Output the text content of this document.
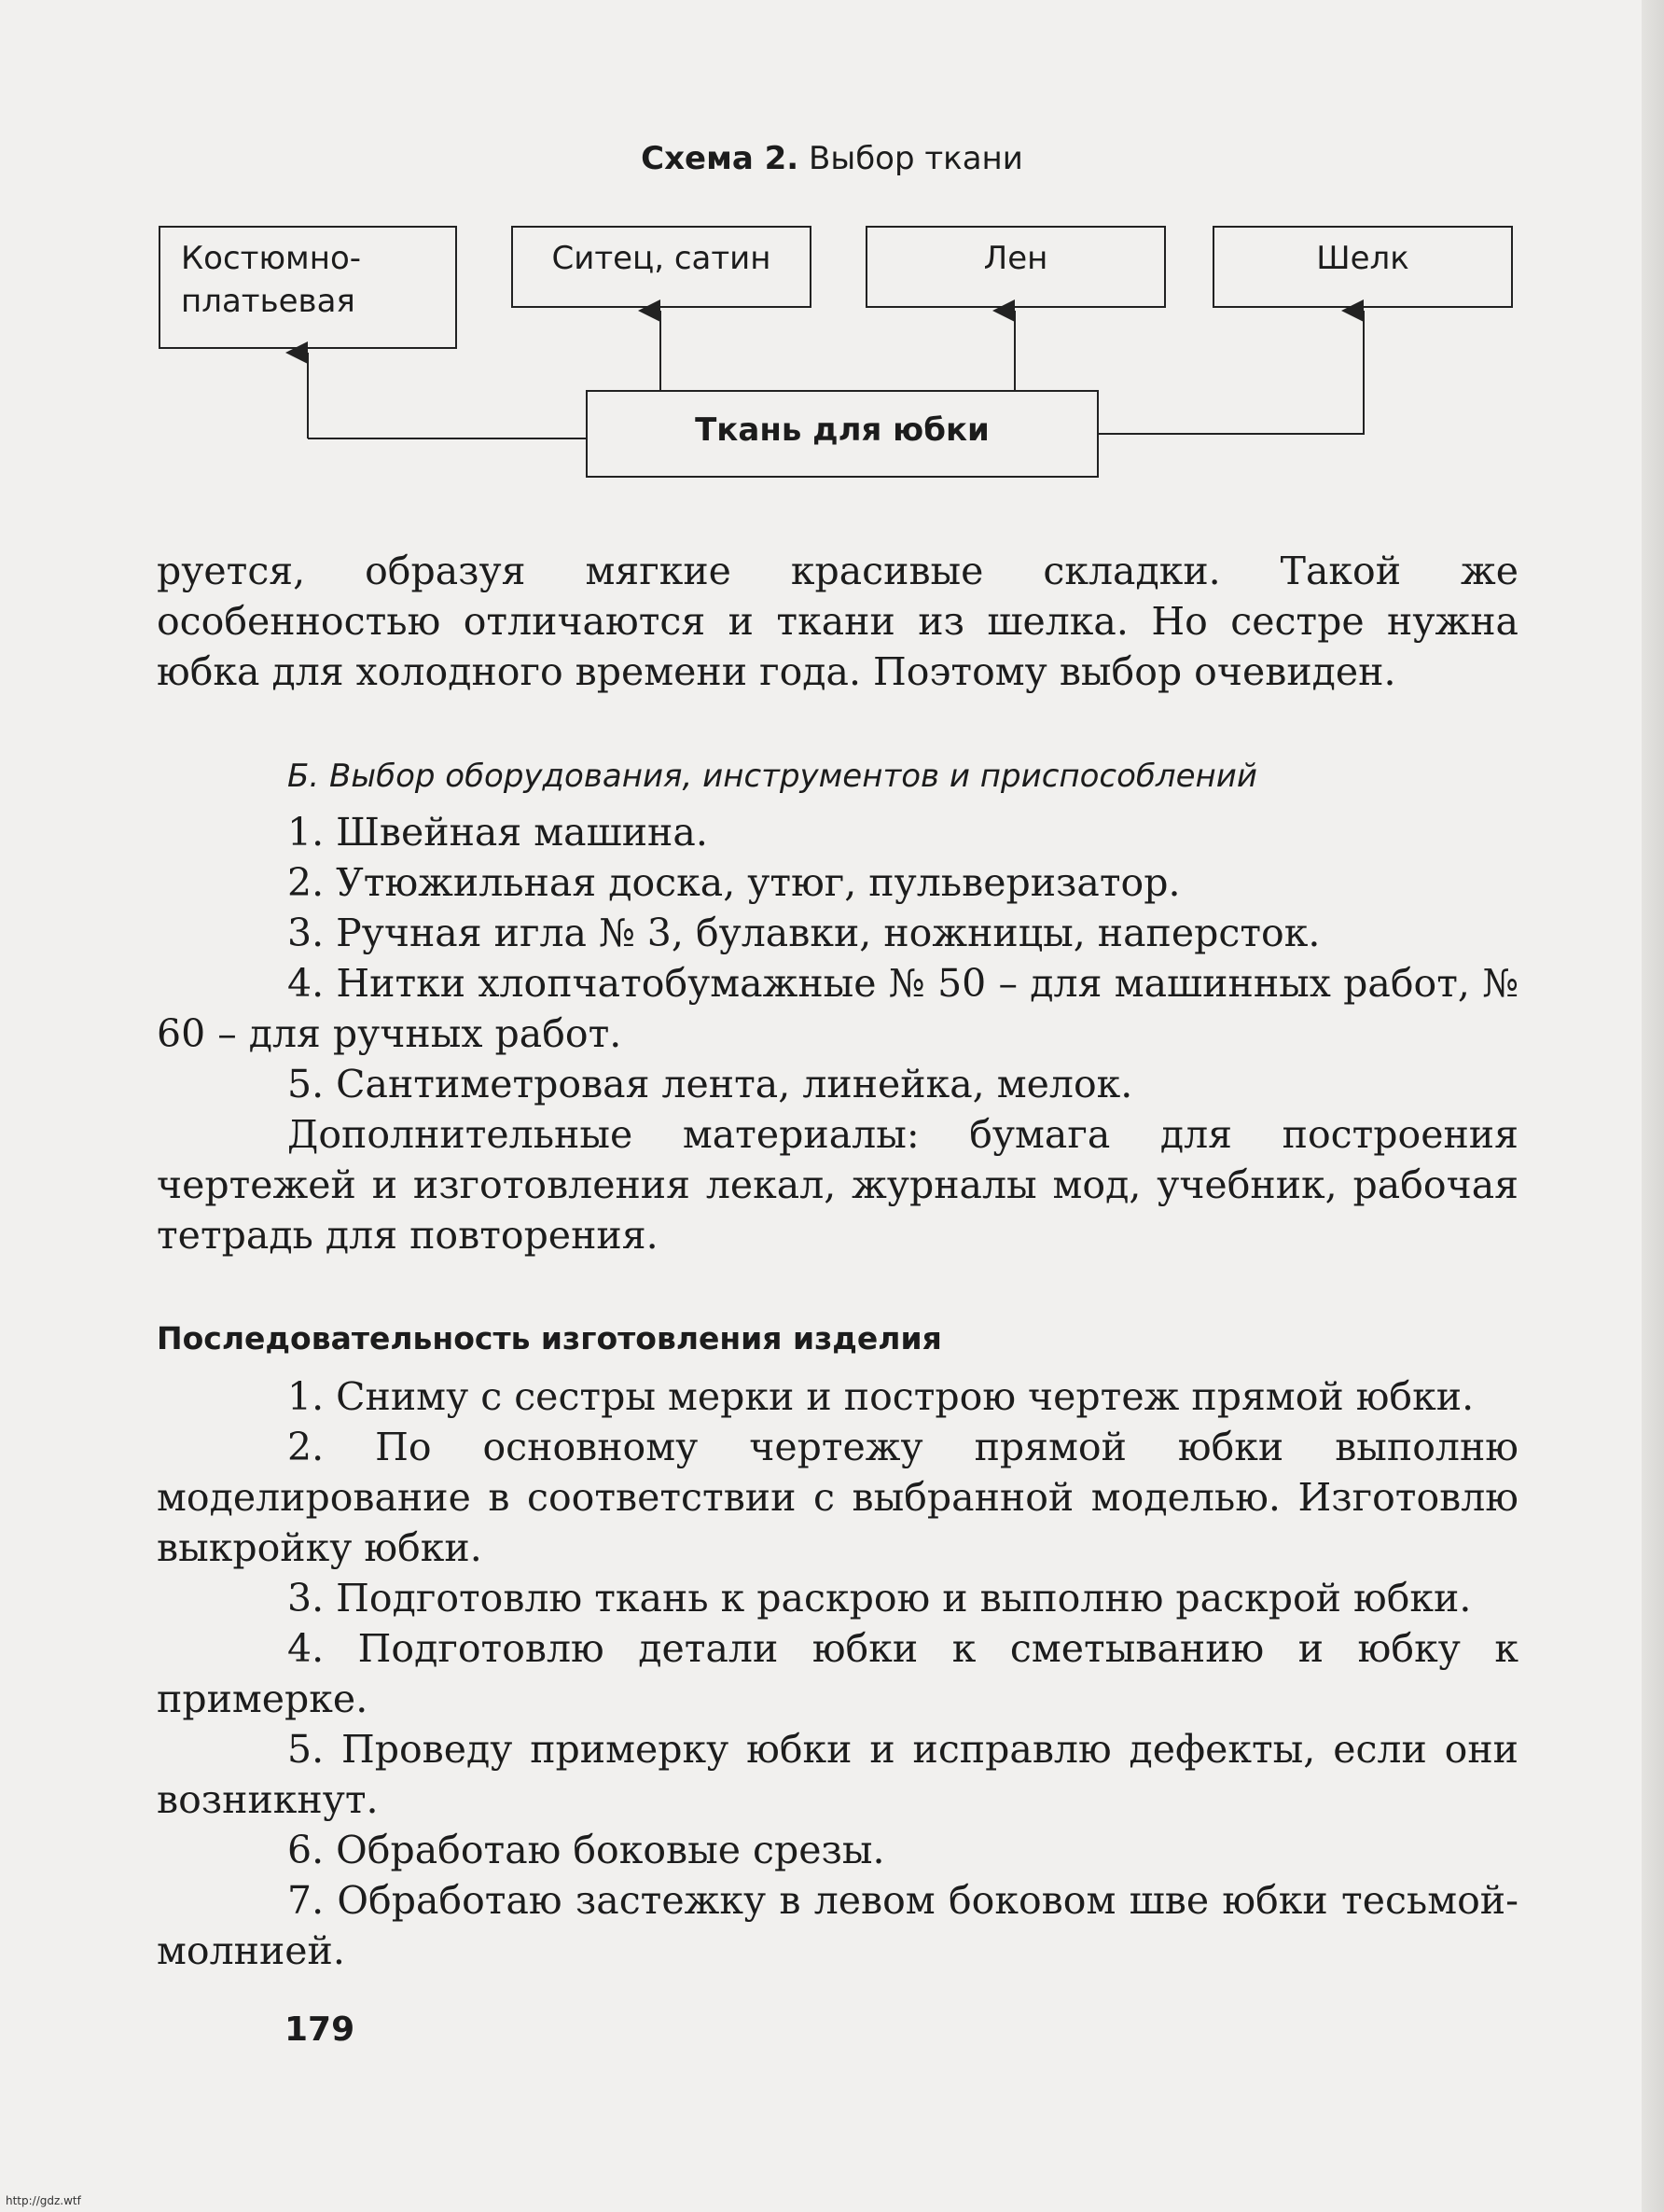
Схема 2. Выбор ткани
Костюмно-платьевая
Ситец, сатин	Лен	Шелк
Ткань для юбки

руется, образуя мягкие красивые складки. Такой же особенностью отличаются и ткани из шелка. Но сестре нужна юбка для холодного времени года. Поэтому выбор очевиден.

Б. Выбор оборудования, инструментов и приспособлений

1. Швейная машина.

2. Утюжильная доска, утюг, пульверизатор.

3. Ручная игла № 3, булавки, ножницы, наперсток.

4. Нитки хлопчатобумажные № 50 – для машинных работ, № 60 – для ручных работ.

5. Сантиметровая лента, линейка, мелок.

Дополнительные материалы: бумага для построения чертежей и изготовления лекал, журналы мод, учебник, рабочая тетрадь для повторения.

Последовательность изготовления изделия

1. Сниму с сестры мерки и построю чертеж прямой юбки.

2. По основному чертежу прямой юбки выполню моделирование в соответствии с выбранной моделью. Изготовлю выкройку юбки.

3. Подготовлю ткань к раскрою и выполню раскрой юбки.

4. Подготовлю детали юбки к сметыванию и юбку к примерке.

5. Проведу примерку юбки и исправлю дефекты, если они возникнут.

6. Обработаю боковые срезы.

7. Обработаю застежку в левом боковом шве юбки тесьмой-молнией.

179
http://gdz.wtf
